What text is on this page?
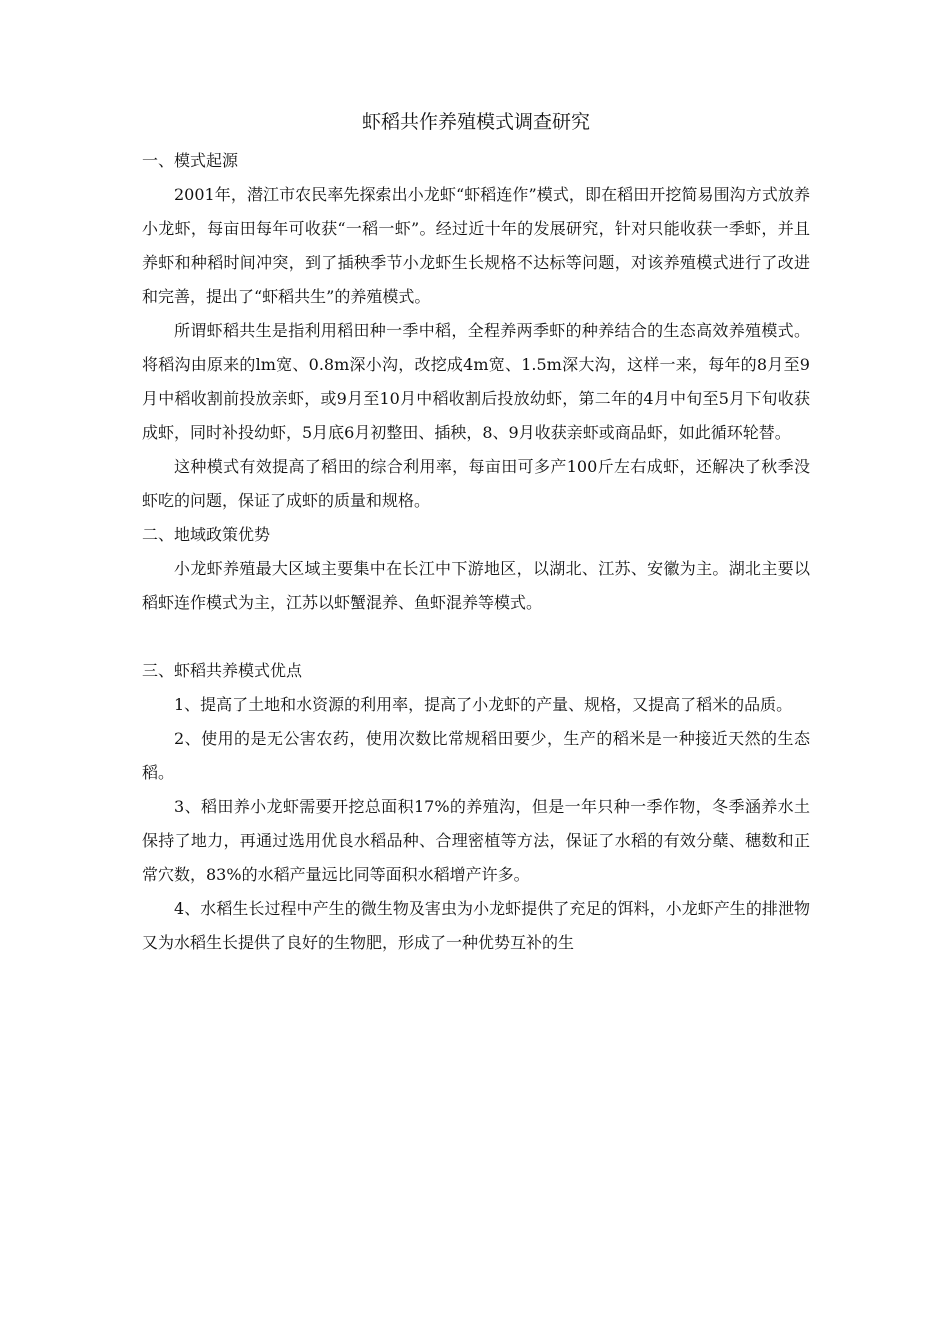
虾稻共作养殖模式调查研究
一、模式起源

2001年，潜江市农民率先探索出小龙虾“虾稻连作”模式，即在稻田开挖简易围沟方式放养小龙虾，每亩田每年可收获“一稻一虾”。经过近十年的发展研究，针对只能收获一季虾，并且养虾和种稻时间冲突，到了插秧季节小龙虾生长规格不达标等问题，对该养殖模式进行了改进和完善，提出了“虾稻共生”的养殖模式。

所谓虾稻共生是指利用稻田种一季中稻，全程养两季虾的种养结合的生态高效养殖模式。将稻沟由原来的lm宽、0.8m深小沟，改挖成4m宽、1.5m深大沟，这样一来，每年的8月至9月中稻收割前投放亲虾，或9月至10月中稻收割后投放幼虾，第二年的4月中旬至5月下旬收获成虾，同时补投幼虾，5月底6月初整田、插秧，8、9月收获亲虾或商品虾，如此循环轮替。

这种模式有效提高了稻田的综合利用率，每亩田可多产100斤左右成虾，还解决了秋季没虾吃的问题，保证了成虾的质量和规格。

二、地域政策优势

小龙虾养殖最大区域主要集中在长江中下游地区，以湖北、江苏、安徽为主。湖北主要以稻虾连作模式为主，江苏以虾蟹混养、鱼虾混养等模式。

三、虾稻共养模式优点

1、提高了土地和水资源的利用率，提高了小龙虾的产量、规格，又提高了稻米的品质。

2、使用的是无公害农药，使用次数比常规稻田要少，生产的稻米是一种接近天然的生态稻。

3、稻田养小龙虾需要开挖总面积17%的养殖沟，但是一年只种一季作物，冬季涵养水土保持了地力，再通过选用优良水稻品种、合理密植等方法，保证了水稻的有效分蘖、穗数和正常穴数，83%的水稻产量远比同等面积水稻增产许多。

4、水稻生长过程中产生的微生物及害虫为小龙虾提供了充足的饵料，小龙虾产生的排泄物又为水稻生长提供了良好的生物肥，形成了一种优势互补的生
